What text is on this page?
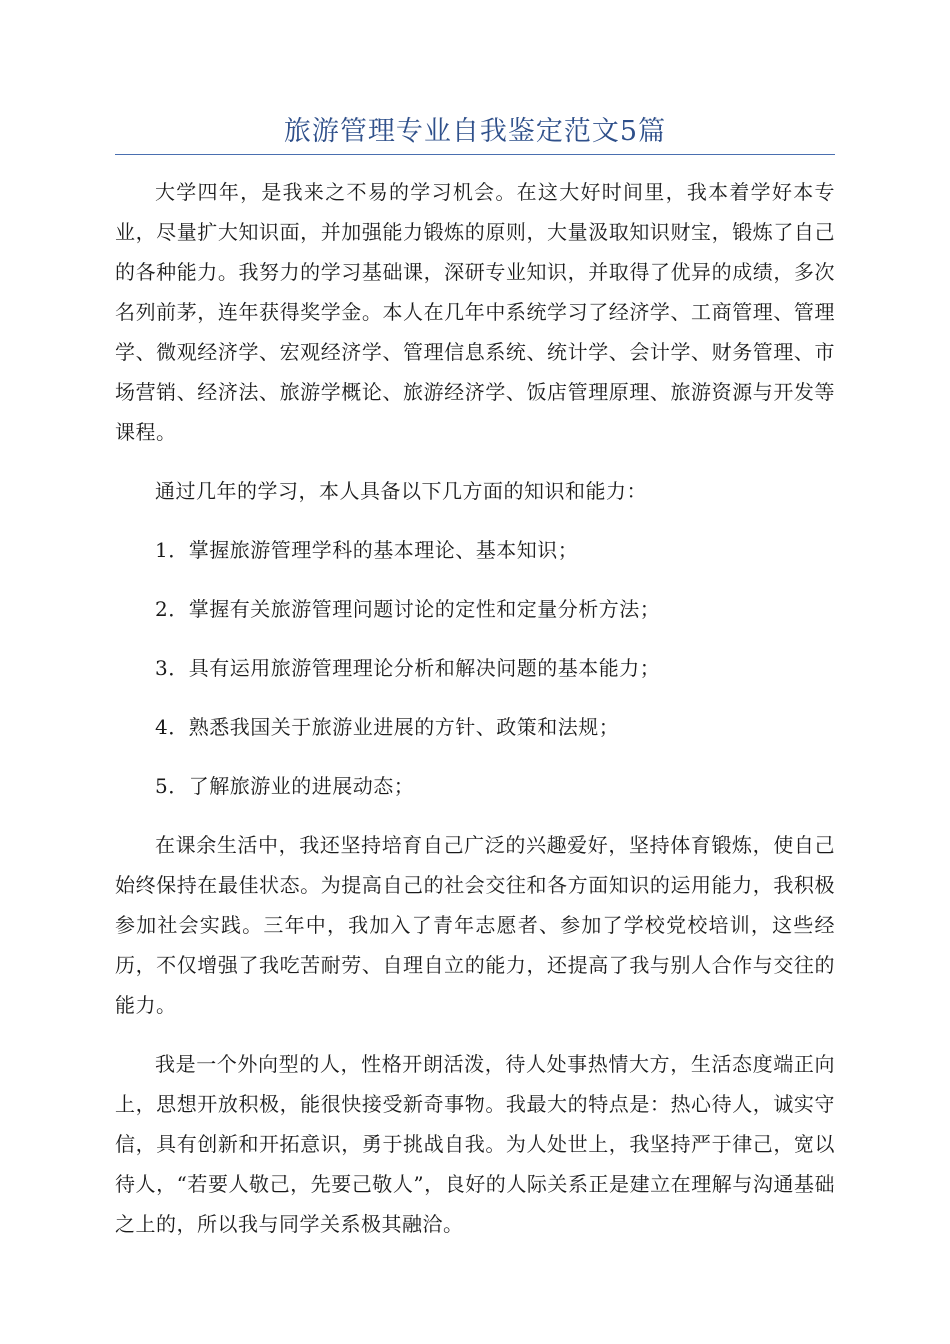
旅游管理专业自我鉴定范文5篇

大学四年，是我来之不易的学习机会。在这大好时间里，我本着学好本专业，尽量扩大知识面，并加强能力锻炼的原则，大量汲取知识财宝，锻炼了自己的各种能力。我努力的学习基础课，深研专业知识，并取得了优异的成绩，多次名列前茅，连年获得奖学金。本人在几年中系统学习了经济学、工商管理、管理学、微观经济学、宏观经济学、管理信息系统、统计学、会计学、财务管理、市场营销、经济法、旅游学概论、旅游经济学、饭店管理原理、旅游资源与开发等课程。

通过几年的学习，本人具备以下几方面的知识和能力：

1．掌握旅游管理学科的基本理论、基本知识；

2．掌握有关旅游管理问题讨论的定性和定量分析方法；

3．具有运用旅游管理理论分析和解决问题的基本能力；

4．熟悉我国关于旅游业进展的方针、政策和法规；

5．了解旅游业的进展动态；

在课余生活中，我还坚持培育自己广泛的兴趣爱好，坚持体育锻炼，使自己始终保持在最佳状态。为提高自己的社会交往和各方面知识的运用能力，我积极参加社会实践。三年中，我加入了青年志愿者、参加了学校党校培训，这些经历，不仅增强了我吃苦耐劳、自理自立的能力，还提高了我与别人合作与交往的能力。

我是一个外向型的人，性格开朗活泼，待人处事热情大方，生活态度端正向上，思想开放积极，能很快接受新奇事物。我最大的特点是：热心待人，诚实守信，具有创新和开拓意识，勇于挑战自我。为人处世上，我坚持严于律己，宽以待人，“若要人敬己，先要己敬人”，良好的人际关系正是建立在理解与沟通基础之上的，所以我与同学关系极其融洽。
